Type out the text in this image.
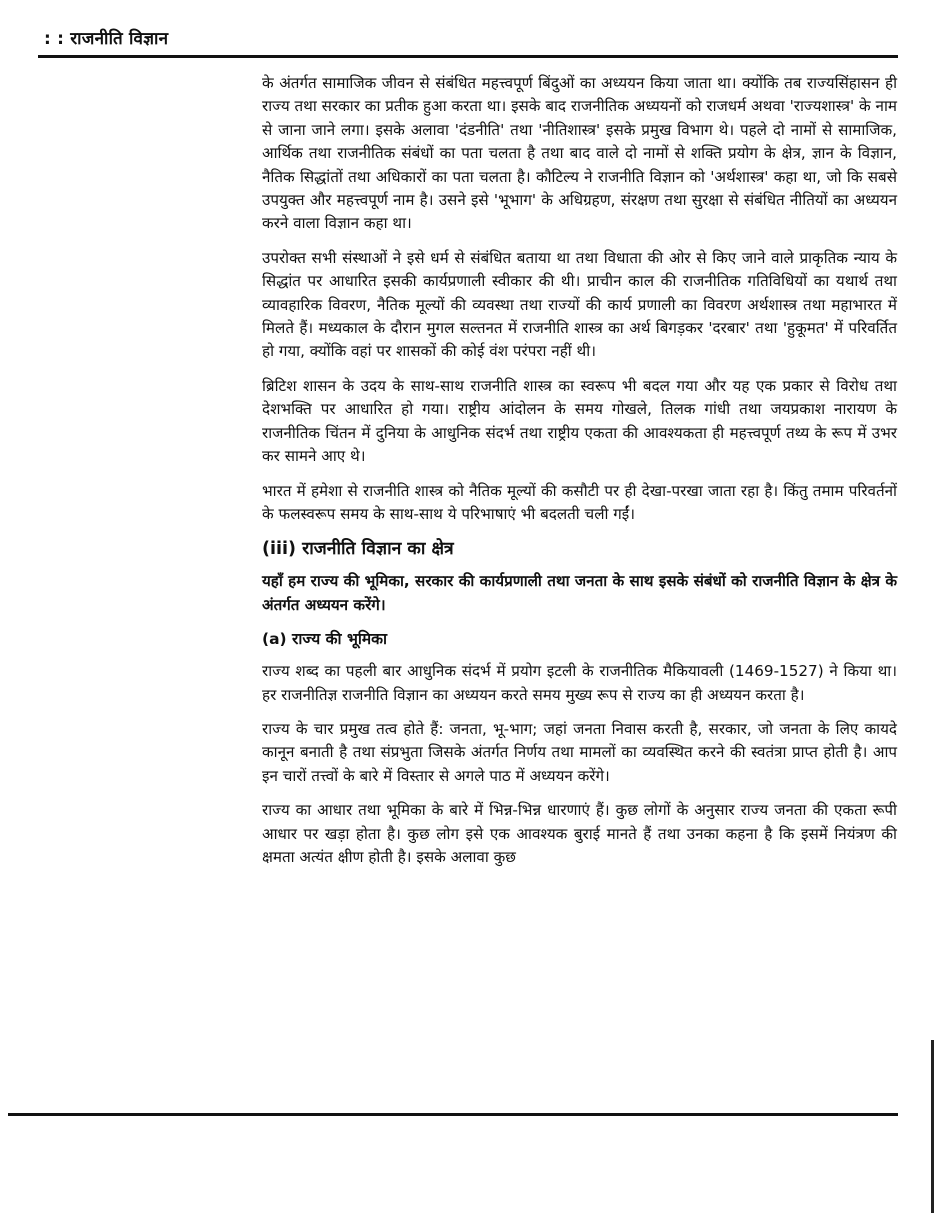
: : राजनीति विज्ञान

के अंतर्गत सामाजिक जीवन से संबंधित महत्त्वपूर्ण बिंदुओं का अध्ययन किया जाता था। क्योंकि तब राज्यसिंहासन ही राज्य तथा सरकार का प्रतीक हुआ करता था। इसके बाद राजनीतिक अध्ययनों को राजधर्म अथवा 'राज्यशास्त्र' के नाम से जाना जाने लगा। इसके अलावा 'दंडनीति' तथा 'नीतिशास्त्र' इसके प्रमुख विभाग थे। पहले दो नामों से सामाजिक, आर्थिक तथा राजनीतिक संबंधों का पता चलता है तथा बाद वाले दो नामों से शक्ति प्रयोग के क्षेत्र, ज्ञान के विज्ञान, नैतिक सिद्धांतों तथा अधिकारों का पता चलता है। कौटिल्य ने राजनीति विज्ञान को 'अर्थशास्त्र' कहा था, जो कि सबसे उपयुक्त और महत्त्वपूर्ण नाम है। उसने इसे 'भूभाग' के अधिग्रहण, संरक्षण तथा सुरक्षा से संबंधित नीतियों का अध्ययन करने वाला विज्ञान कहा था।

उपरोक्त सभी संस्थाओं ने इसे धर्म से संबंधित बताया था तथा विधाता की ओर से किए जाने वाले प्राकृतिक न्याय के सिद्धांत पर आधारित इसकी कार्यप्रणाली स्वीकार की थी। प्राचीन काल की राजनीतिक गतिविधियों का यथार्थ तथा व्यावहारिक विवरण, नैतिक मूल्यों की व्यवस्था तथा राज्यों की कार्य प्रणाली का विवरण अर्थशास्त्र तथा महाभारत में मिलते हैं। मध्यकाल के दौरान मुगल सल्तनत में राजनीति शास्त्र का अर्थ बिगड़कर 'दरबार' तथा 'हुकूमत' में परिवर्तित हो गया, क्योंकि वहां पर शासकों की कोई वंश परंपरा नहीं थी।

ब्रिटिश शासन के उदय के साथ-साथ राजनीति शास्त्र का स्वरूप भी बदल गया और यह एक प्रकार से विरोध तथा देशभक्ति पर आधारित हो गया। राष्ट्रीय आंदोलन के समय गोखले, तिलक गांधी तथा जयप्रकाश नारायण के राजनीतिक चिंतन में दुनिया के आधुनिक संदर्भ तथा राष्ट्रीय एकता की आवश्यकता ही महत्त्वपूर्ण तथ्य के रूप में उभर कर सामने आए थे।

भारत में हमेशा से राजनीति शास्त्र को नैतिक मूल्यों की कसौटी पर ही देखा-परखा जाता रहा है। किंतु तमाम परिवर्तनों के फलस्वरूप समय के साथ-साथ ये परिभाषाएं भी बदलती चली गईं।

(iii) राजनीति विज्ञान का क्षेत्र

यहाँ हम राज्य की भूमिका, सरकार की कार्यप्रणाली तथा जनता के साथ इसके संबंधों को राजनीति विज्ञान के क्षेत्र के अंतर्गत अध्ययन करेंगे।

(a) राज्य की भूमिका

राज्य शब्द का पहली बार आधुनिक संदर्भ में प्रयोग इटली के राजनीतिक मैकियावली (1469-1527) ने किया था। हर राजनीतिज्ञ राजनीति विज्ञान का अध्ययन करते समय मुख्य रूप से राज्य का ही अध्ययन करता है।

राज्य के चार प्रमुख तत्व होते हैं: जनता, भू-भाग; जहां जनता निवास करती है, सरकार, जो जनता के लिए कायदे कानून बनाती है तथा संप्रभुता जिसके अंतर्गत निर्णय तथा मामलों का व्यवस्थित करने की स्वतंत्रा प्राप्त होती है। आप इन चारों तत्त्वों के बारे में विस्तार से अगले पाठ में अध्ययन करेंगे।

राज्य का आधार तथा भूमिका के बारे में भिन्न-भिन्न धारणाएं हैं। कुछ लोगों के अनुसार राज्य जनता की एकता रूपी आधार पर खड़ा होता है। कुछ लोग इसे एक आवश्यक बुराई मानते हैं तथा उनका कहना है कि इसमें नियंत्रण की क्षमता अत्यंत क्षीण होती है। इसके अलावा कुछ
